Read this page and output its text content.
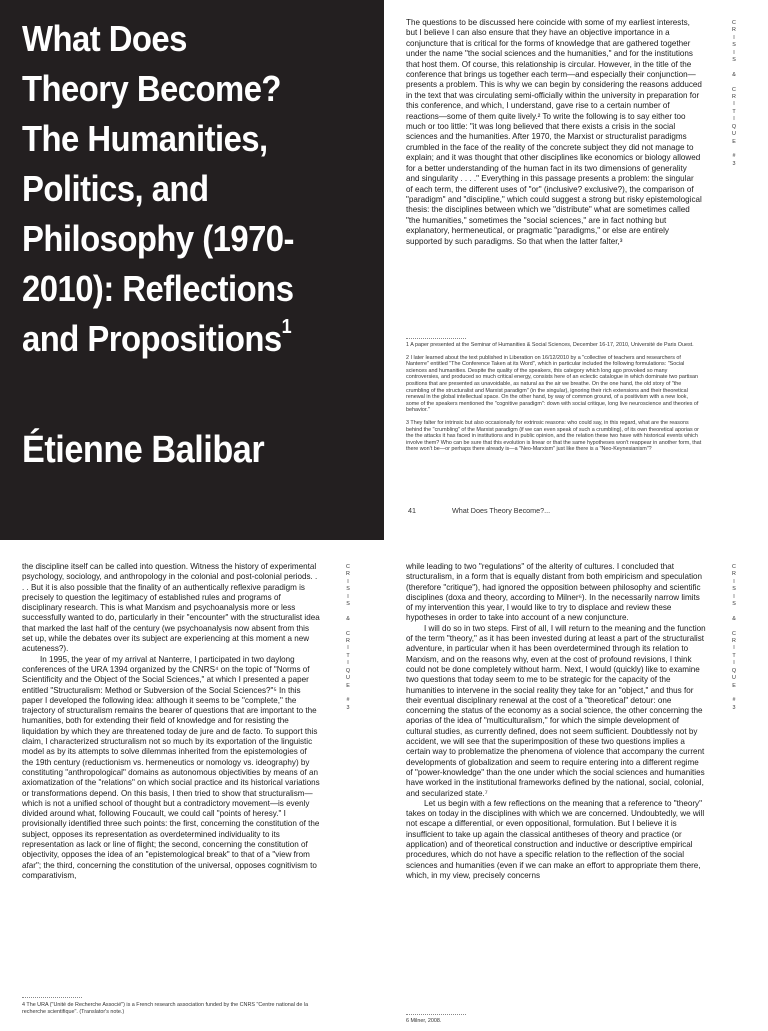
What Does
Theory Become?
The Humanities,
Politics, and
Philosophy (1970-
2010): Reflections
and Propositions$^1$
Étienne Balibar

The questions to be discussed here coincide with some of my earliest interests, but I believe I can also ensure that they have an objective importance in a conjuncture that is critical for the forms of knowledge that are gathered together under the name "the social sciences and the humanities," and for the institutions that host them. Of course, this relationship is circular. However, in the title of the conference that brings us together each term—and especially their conjunction—presents a problem. This is why we can begin by considering the reasons adduced in the text that was circulating semi-officially within the university in preparation for this conference, and which, I understand, gave rise to a certain number of reactions—some of them quite lively.² To write the following is to say either too much or too little: "it was long believed that there exists a crisis in the social sciences and the humanities. After 1970, the Marxist or structuralist paradigms crumbled in the face of the reality of the concrete subject they did not manage to explain; and it was thought that other disciplines like economics or biology allowed for a better understanding of the human fact in its two dimensions of generality and singularity . . . ." Everything in this passage presents a problem: the singular of each term, the different uses of "or" (inclusive? exclusive?), the comparison of "paradigm" and "discipline," which could suggest a strong but risky epistemological thesis: the disciplines between which we "distribute" what are sometimes called "the humanities," sometimes the "social sciences," are in fact nothing but explanatory, hermeneutical, or pragmatic "paradigms," or else are entirely supported by such paradigms. So that when the latter falter,³

1 A paper presented at the Seminar of Humanities & Social Sciences, December 16-17, 2010, Université de Paris Ouest.

2 I later learned about the text published in Liberation on 16/12/2010 by a "collective of teachers and researchers of Nanterre" entitled "The Conference Taken at its Word", which in particular included the following formulations: "Social sciences and humanities. Despite the quality of the speakers, this category which long ago provoked so many controversies, and produced so much critical energy, consists here of an eclectic catalogue in which dominate two partisan positions that are presented as unavoidable, as natural as the air we breathe. On the one hand, the old story of "the crumbling of the structuralist and Marxist paradigm" (in the singular), ignoring their rich extensions and their theoretical renewal in the global intellectual space. On the other hand, by way of common ground, of a positivism with a new look, some of the speakers mentioned the "cognitive paradigm": down with social critique, long live neuroscience and theories of behavior."

3 They falter for intrinsic but also occasionally for extrinsic reasons: who could say, in this regard, what are the reasons behind the "crumbling" of the Marxist paradigm (if we can even speak of such a crumbling), of its own theoretical aporias or the the attacks it has faced in institutions and in public opinion, and the relation these two have with historical events which involve them? Who can be sure that this evolution is linear or that the same hypotheses won't reappear in another form, that there won't be—or perhaps there already is—a "Neo-Marxism" just like there is a "Neo-Keynesianism"?

41	What Does Theory Become?...
C
R
I
S
I
S

&

C
R
I
T
I
Q
U
E

#
3

the discipline itself can be called into question. Witness the history of experimental psychology, sociology, and anthropology in the colonial and post-colonial periods. . . . But it is also possible that the finality of an authentically reflexive paradigm is precisely to question the legitimacy of established rules and programs of disciplinary research. This is what Marxism and psychoanalysis more or less successfully wanted to do, particularly in their "encounter" with the structuralist idea that marked the last half of the century (we psychoanalysis now absent from this set up, while the debates over its subject are experiencing at this moment a new acuteness?).

In 1995, the year of my arrival at Nanterre, I participated in two daylong conferences of the URA 1394 organized by the CNRS⁴ on the topic of "Norms of Scientificity and the Object of the Social Sciences," at which I presented a paper entitled "Structuralism: Method or Subversion of the Social Sciences?"⁵ In this paper I developed the following idea: although it seems to be "complete," the trajectory of structuralism remains the bearer of questions that are important to the humanities, both for extending their field of knowledge and for resisting the liquidation by which they are threatened today de jure and de facto. To support this claim, I characterized structuralism not so much by its exportation of the linguistic model as by its attempts to solve dilemmas inherited from the epistemologies of the 19th century (reductionism vs. hermeneutics or nomology vs. ideography) by constituting "anthropological" domains as autonomous objectivities by means of an axiomatization of the "relations" on which social practice and its historical variations or transformations depend. On this basis, I then tried to show that structuralism—which is not a unified school of thought but a contradictory movement—is evenly divided around what, following Foucault, we could call "points of heresy." I provisionally identified three such points: the first, concerning the constitution of the subject, opposes its representation as overdetermined individuality to its representation as lack or line of flight; the second, concerning the constitution of objectivity, opposes the idea of an "epistemological break" to that of a "view from afar"; the third, concerning the constitution of the universal, opposes cognitivism to comparativism,

C
R
I
S
I
S

&

C
R
I
T
I
Q
U
E

#
3

4 The URA ("Unité de Recherche Associé") is a French research association funded by the CNRS "Centre national de la recherche scientifique". (Translator's note.)

while leading to two "regulations" of the alterity of cultures. I concluded that structuralism, in a form that is equally distant from both empiricism and speculation (therefore "critique"), had ignored the opposition between philosophy and scientific disciplines (doxa and theory, according to Milner⁶). In the necessarily narrow limits of my intervention this year, I would like to try to displace and review these hypotheses in order to take into account of a new conjuncture.

I will do so in two steps. First of all, I will return to the meaning and the function of the term "theory," as it has been invested during at least a part of the structuralist adventure, in particular when it has been overdetermined through its relation to Marxism, and on the reasons why, even at the cost of profound revisions, I think could not be done completely without harm. Next, I would (quickly) like to examine two questions that today seem to me to be strategic for the capacity of the humanities to intervene in the social reality they take for an "object," and thus for their eventual disciplinary renewal at the cost of a "theoretical" detour: one concerning the status of the economy as a social science, the other concerning the aporias of the idea of "multiculturalism," for which the simple development of cultural studies, as currently defined, does not seem sufficient. Doubtlessly not by accident, we will see that the superimposition of these two questions implies a certain way to problematize the phenomena of violence that accompany the current developments of globalization and seem to require entering into a different regime of "power-knowledge" than the one under which the social sciences and humanities have worked in the institutional frameworks defined by the national, social, colonial, and secularized state.⁷

Let us begin with a few reflections on the meaning that a reference to "theory" takes on today in the disciplines with which we are concerned. Undoubtedly, we will not escape a differential, or even oppositional, formulation. But I believe it is insufficient to take up again the classical antitheses of theory and practice (or application) and of theoretical construction and inductive or descriptive empirical procedures, which do not have a specific relation to the reflection of the social sciences and humanities (even if we can make an effort to appropriate them there, which, in my view, precisely concerns

C
R
I
S
I
S

&

C
R
I
T
I
Q
U
E

#
3

6 Milner, 2008.
